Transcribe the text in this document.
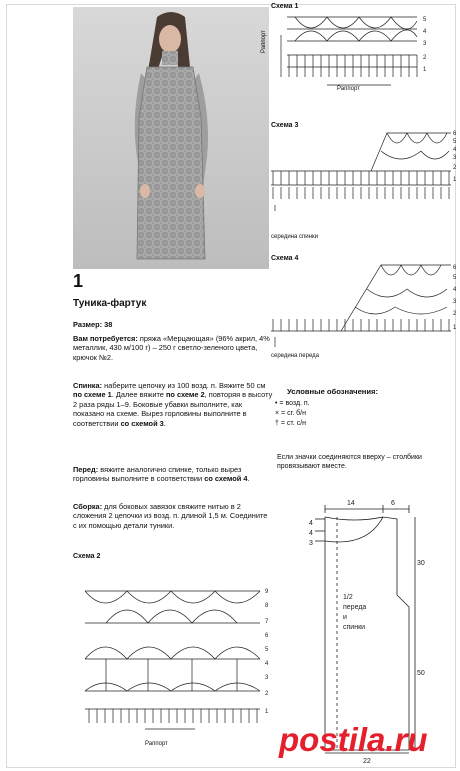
Схема 1
5
4
3
2
1
Раппорт
Раппорт
Схема 3
6
5
4
3
2
1
середина спинки
Схема 4
6
5
4
3
2
1
середина переда
Условные обозначения:
• = возд. п.
× = сг. б/н
† = ст. с/н
Если значки соединяются вверху – столбики провязывают вместе.
1
Туника-фартук
Размер: 38
Вам потребуется: пряжа «Мерцающая» (96% акрил, 4% металлик, 430 м/100 г) – 250 г светло-зеленого цвета, крючок №2.
Спинка: наберите цепочку из 100 возд. п. Вяжите 50 см по схеме 1. Далее вяжите по схеме 2, повторяя в высоту 2 раза ряды 1–9. Боковые убавки выполните, как показано на схеме. Вырез горловины выполните в соответствии со схемой 3.
Перед: вяжите аналогично спинке, только вырез горловины выполните в соответствии со схемой 4.
Сборка: для боковых завязок свяжите нитью в 2 сложения 2 цепочки из возд. п. длиной 1,5 м. Соедините с их помощью детали туники.
Схема 2
9
8
7
6
5
4
3
2
1
Раппорт
14	6
4
4
3
30
50
22
1/2
переда
и
спинки
postila.ru
